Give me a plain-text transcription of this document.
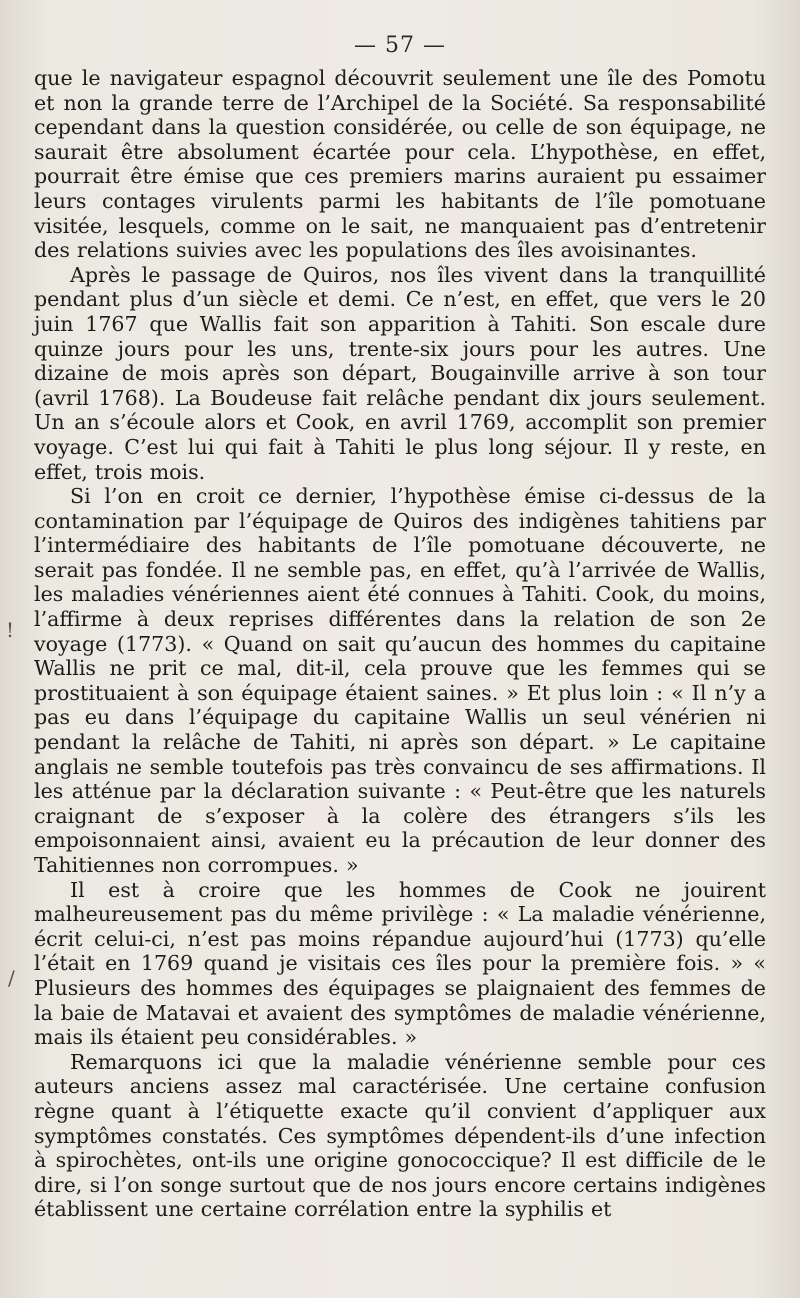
— 57 —

que le navigateur espagnol découvrit seulement une île des Pomotu et non la grande terre de l’Archipel de la Société. Sa responsabilité cependant dans la question considérée, ou celle de son équipage, ne saurait être absolument écartée pour cela. L’hypothèse, en effet, pourrait être émise que ces premiers marins auraient pu essaimer leurs contages virulents parmi les habitants de l’île pomotuane visitée, lesquels, comme on le sait, ne manquaient pas d’entretenir des relations suivies avec les populations des îles avoisinantes.

Après le passage de Quiros, nos îles vivent dans la tranquillité pendant plus d’un siècle et demi. Ce n’est, en effet, que vers le 20 juin 1767 que Wallis fait son apparition à Tahiti. Son escale dure quinze jours pour les uns, trente-six jours pour les autres. Une dizaine de mois après son départ, Bougainville arrive à son tour (avril 1768). La Boudeuse fait relâche pendant dix jours seulement. Un an s’écoule alors et Cook, en avril 1769, accomplit son premier voyage. C’est lui qui fait à Tahiti le plus long séjour. Il y reste, en effet, trois mois.

Si l’on en croit ce dernier, l’hypothèse émise ci-dessus de la contamination par l’équipage de Quiros des indigènes tahitiens par l’intermédiaire des habitants de l’île pomotuane découverte, ne serait pas fondée. Il ne semble pas, en effet, qu’à l’arrivée de Wallis, les maladies vénériennes aient été connues à Tahiti. Cook, du moins, l’affirme à deux reprises différentes dans la relation de son 2e voyage (1773). « Quand on sait qu’aucun des hommes du capitaine Wallis ne prit ce mal, dit-il, cela prouve que les femmes qui se prostituaient à son équipage étaient saines. » Et plus loin : « Il n’y a pas eu dans l’équipage du capitaine Wallis un seul vénérien ni pendant la relâche de Tahiti, ni après son départ. » Le capitaine anglais ne semble toutefois pas très convaincu de ses affirmations. Il les atténue par la déclaration suivante : « Peut-être que les naturels craignant de s’exposer à la colère des étrangers s’ils les empoisonnaient ainsi, avaient eu la précaution de leur donner des Tahitiennes non corrompues. »

Il est à croire que les hommes de Cook ne jouirent malheureusement pas du même privilège : « La maladie vénérienne, écrit celui-ci, n’est pas moins répandue aujourd’hui (1773) qu’elle l’était en 1769 quand je visitais ces îles pour la première fois. » « Plusieurs des hommes des équipages se plaignaient des femmes de la baie de Matavai et avaient des symptômes de maladie vénérienne, mais ils étaient peu considérables. »

Remarquons ici que la maladie vénérienne semble pour ces auteurs anciens assez mal caractérisée. Une certaine confusion règne quant à l’étiquette exacte qu’il convient d’appliquer aux symptômes constatés. Ces symptômes dépendent-ils d’une infection à spirochètes, ont-ils une origine gonococcique? Il est difficile de le dire, si l’on songe surtout que de nos jours encore certains indigènes établissent une certaine corrélation entre la syphilis et

!
/
